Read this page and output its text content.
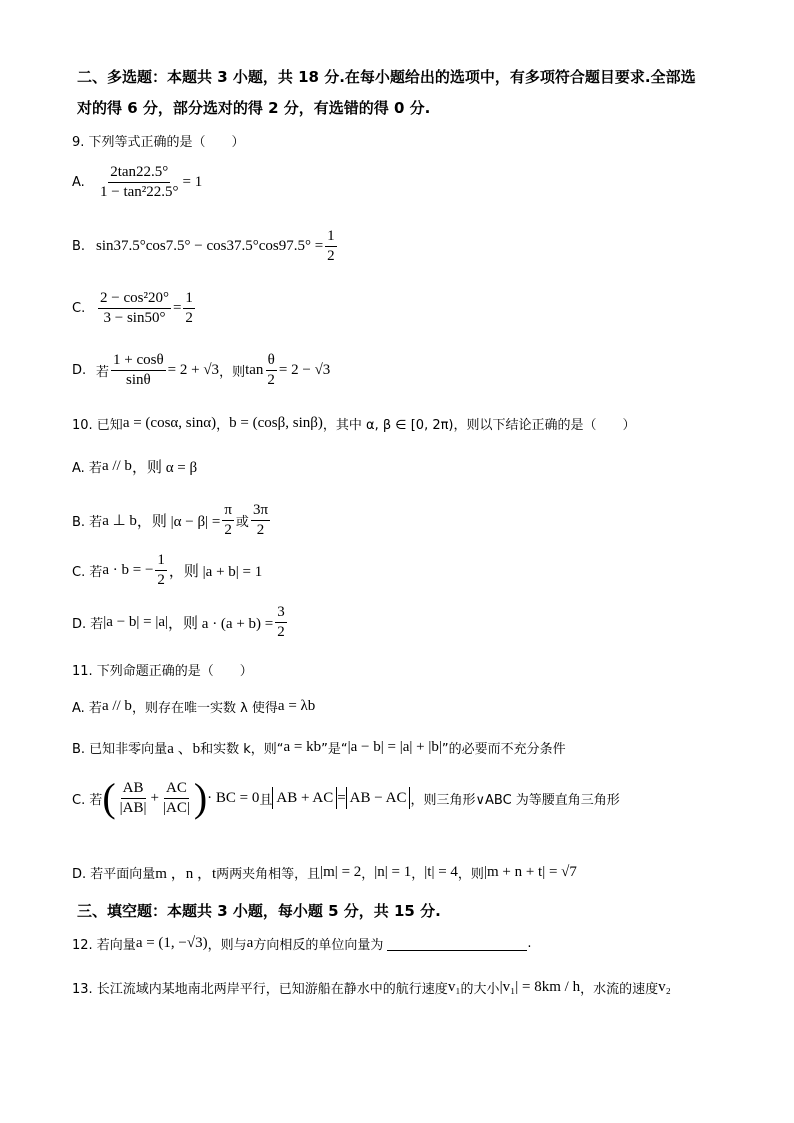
二、多选题：本题共 3 小题，共 18 分.在每小题给出的选项中，有多项符合题目要求.全部选
对的得 6 分，部分选对的得 2 分，有选错的得 0 分.
9. 下列等式正确的是（　　）
A. $\frac{2\tan 22.5^\circ}{\text{1 − tan²22.5°}} = 1$
B. $\sin 37.5^\circ\cos 7.5^\circ - \cos 37.5^\circ\cos 97.5^\circ = \frac{1}{2}$
C. $\frac{\text{2 − cos²20°}}{3 - \sin 50^\circ} = \frac{1}{2}$
D. 若 $\frac{1 + \cos\theta}{\sin\theta} = 2 + √3$ ，则 $\tan \frac{\theta}{2} = 2 - √3$
10. 已知 a = (cosα, sinα) ， b = (cosβ, sinβ) ，其中 α, β ∈ [0, 2π)，则以下结论正确的是（　　）
A. 若 a // b ，则 α = β
B. 若 a ⊥ b ，则 $|\alpha - \beta| = \frac{\pi}{2}$ 或 $\frac{3\pi}{2}$
C. 若 a · b = − $\frac{1}{2}$ ，则 |a + b| = 1
D. 若 |a − b| = |a| ，则 $a \cdot (a + b) = \frac{3}{2}$
11. 下列命题正确的是（　　）
A. 若 a // b ，则存在唯一实数 λ 使得 a = λb
B. 已知非零向量 a 、b 和实数 k，则“ a = kb ”是“ |a − b| = |a| + |b| ”的必要而不充分条件
C. 若 ( $\frac{AB}{|AB|} + \frac{AC}{|AC|}$ ) · BC = 0 且 AB + AC = AB − AC ，则三角形∨ABC 为等腰直角三角形
D. 若平面向量 m ，n ，t 两两夹角相等，且 |m| = 2 ， |n| = 1 ， |t| = 4 ，则 |m + n + t| = √7
三、填空题：本题共 3 小题，每小题 5 分，共 15 分.
12. 若向量 a = (1, −√3) ，则与 a 方向相反的单位向量为	.
13. 长江流域内某地南北两岸平行，已知游船在静水中的航行速度 v₁ 的大小 |v₁| = 8km / h ，水流的速度 v₂
